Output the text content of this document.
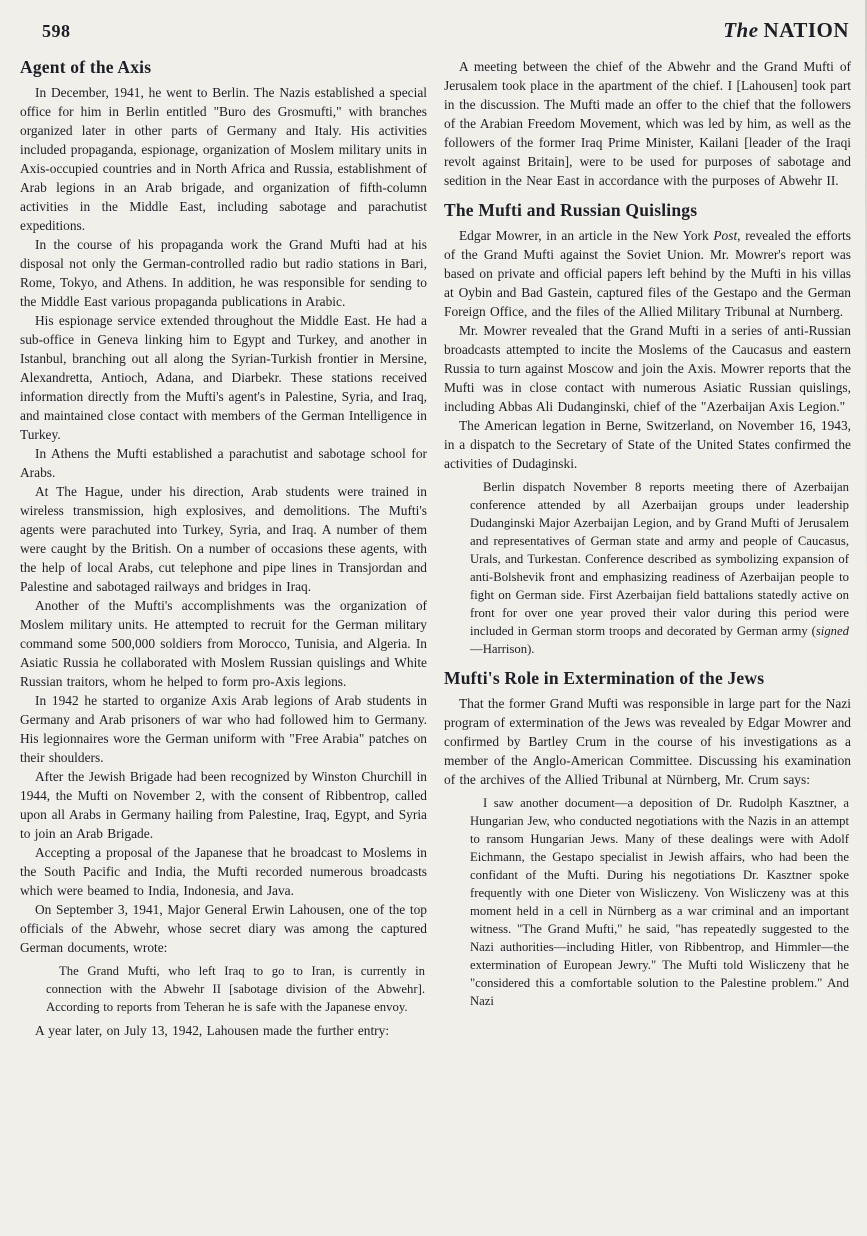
598	The NATION
Agent of the Axis

In December, 1941, he went to Berlin. The Nazis established a special office for him in Berlin entitled "Buro des Grosmufti," with branches organized later in other parts of Germany and Italy. His activities included propaganda, espionage, organization of Moslem military units in Axis-occupied countries and in North Africa and Russia, establishment of Arab legions in an Arab brigade, and organization of fifth-column activities in the Middle East, including sabotage and parachutist expeditions.

In the course of his propaganda work the Grand Mufti had at his disposal not only the German-controlled radio but radio stations in Bari, Rome, Tokyo, and Athens. In addition, he was responsible for sending to the Middle East various propaganda publications in Arabic.

His espionage service extended throughout the Middle East. He had a sub-office in Geneva linking him to Egypt and Turkey, and another in Istanbul, branching out all along the Syrian-Turkish frontier in Mersine, Alexandretta, Antioch, Adana, and Diarbekr. These stations received information directly from the Mufti's agent's in Palestine, Syria, and Iraq, and maintained close contact with members of the German Intelligence in Turkey.

In Athens the Mufti established a parachutist and sabotage school for Arabs.

At The Hague, under his direction, Arab students were trained in wireless transmission, high explosives, and demolitions. The Mufti's agents were parachuted into Turkey, Syria, and Iraq. A number of them were caught by the British. On a number of occasions these agents, with the help of local Arabs, cut telephone and pipe lines in Transjordan and Palestine and sabotaged railways and bridges in Iraq.

Another of the Mufti's accomplishments was the organization of Moslem military units. He attempted to recruit for the German military command some 500,000 soldiers from Morocco, Tunisia, and Algeria. In Asiatic Russia he collaborated with Moslem Russian quislings and White Russian traitors, whom he helped to form pro-Axis legions.

In 1942 he started to organize Axis Arab legions of Arab students in Germany and Arab prisoners of war who had followed him to Germany. His legionnaires wore the German uniform with "Free Arabia" patches on their shoulders.

After the Jewish Brigade had been recognized by Winston Churchill in 1944, the Mufti on November 2, with the consent of Ribbentrop, called upon all Arabs in Germany hailing from Palestine, Iraq, Egypt, and Syria to join an Arab Brigade.

Accepting a proposal of the Japanese that he broadcast to Moslems in the South Pacific and India, the Mufti recorded numerous broadcasts which were beamed to India, Indonesia, and Java.

On September 3, 1941, Major General Erwin Lahousen, one of the top officials of the Abwehr, whose secret diary was among the captured German documents, wrote:

The Grand Mufti, who left Iraq to go to Iran, is currently in connection with the Abwehr II [sabotage division of the Abwehr]. According to reports from Teheran he is safe with the Japanese envoy.

A year later, on July 13, 1942, Lahousen made the further entry:

A meeting between the chief of the Abwehr and the Grand Mufti of Jerusalem took place in the apartment of the chief. I [Lahousen] took part in the discussion. The Mufti made an offer to the chief that the followers of the Arabian Freedom Movement, which was led by him, as well as the followers of the former Iraq Prime Minister, Kailani [leader of the Iraqi revolt against Britain], were to be used for purposes of sabotage and sedition in the Near East in accordance with the purposes of Abwehr II.

The Mufti and Russian Quislings

Edgar Mowrer, in an article in the New York Post, revealed the efforts of the Grand Mufti against the Soviet Union. Mr. Mowrer's report was based on private and official papers left behind by the Mufti in his villas at Oybin and Bad Gastein, captured files of the Gestapo and the German Foreign Office, and the files of the Allied Military Tribunal at Nurnberg.

Mr. Mowrer revealed that the Grand Mufti in a series of anti-Russian broadcasts attempted to incite the Moslems of the Caucasus and eastern Russia to turn against Moscow and join the Axis. Mowrer reports that the Mufti was in close contact with numerous Asiatic Russian quislings, including Abbas Ali Dudanginski, chief of the "Azerbaijan Axis Legion."

The American legation in Berne, Switzerland, on November 16, 1943, in a dispatch to the Secretary of State of the United States confirmed the activities of Dudaginski.

Berlin dispatch November 8 reports meeting there of Azerbaijan conference attended by all Azerbaijan groups under leadership Dudanginski Major Azerbaijan Legion, and by Grand Mufti of Jerusalem and representatives of German state and army and people of Caucasus, Urals, and Turkestan. Conference described as symbolizing expansion of anti-Bolshevik front and emphasizing readiness of Azerbaijan people to fight on German side. First Azerbaijan field battalions statedly active on front for over one year proved their valor during this period were included in German storm troops and decorated by German army (signed—Harrison).

Mufti's Role in Extermination of the Jews

That the former Grand Mufti was responsible in large part for the Nazi program of extermination of the Jews was revealed by Edgar Mowrer and confirmed by Bartley Crum in the course of his investigations as a member of the Anglo-American Committee. Discussing his examination of the archives of the Allied Tribunal at Nürnberg, Mr. Crum says:

I saw another document—a deposition of Dr. Rudolph Kasztner, a Hungarian Jew, who conducted negotiations with the Nazis in an attempt to ransom Hungarian Jews. Many of these dealings were with Adolf Eichmann, the Gestapo specialist in Jewish affairs, who had been the confidant of the Mufti. During his negotiations Dr. Kasztner spoke frequently with one Dieter von Wisliczeny. Von Wisliczeny was at this moment held in a cell in Nürnberg as a war criminal and an important witness. "The Grand Mufti," he said, "has repeatedly suggested to the Nazi authorities—including Hitler, von Ribbentrop, and Himmler—the extermination of European Jewry." The Mufti told Wisliczeny that he "considered this a comfortable solution to the Palestine problem." And Nazi
